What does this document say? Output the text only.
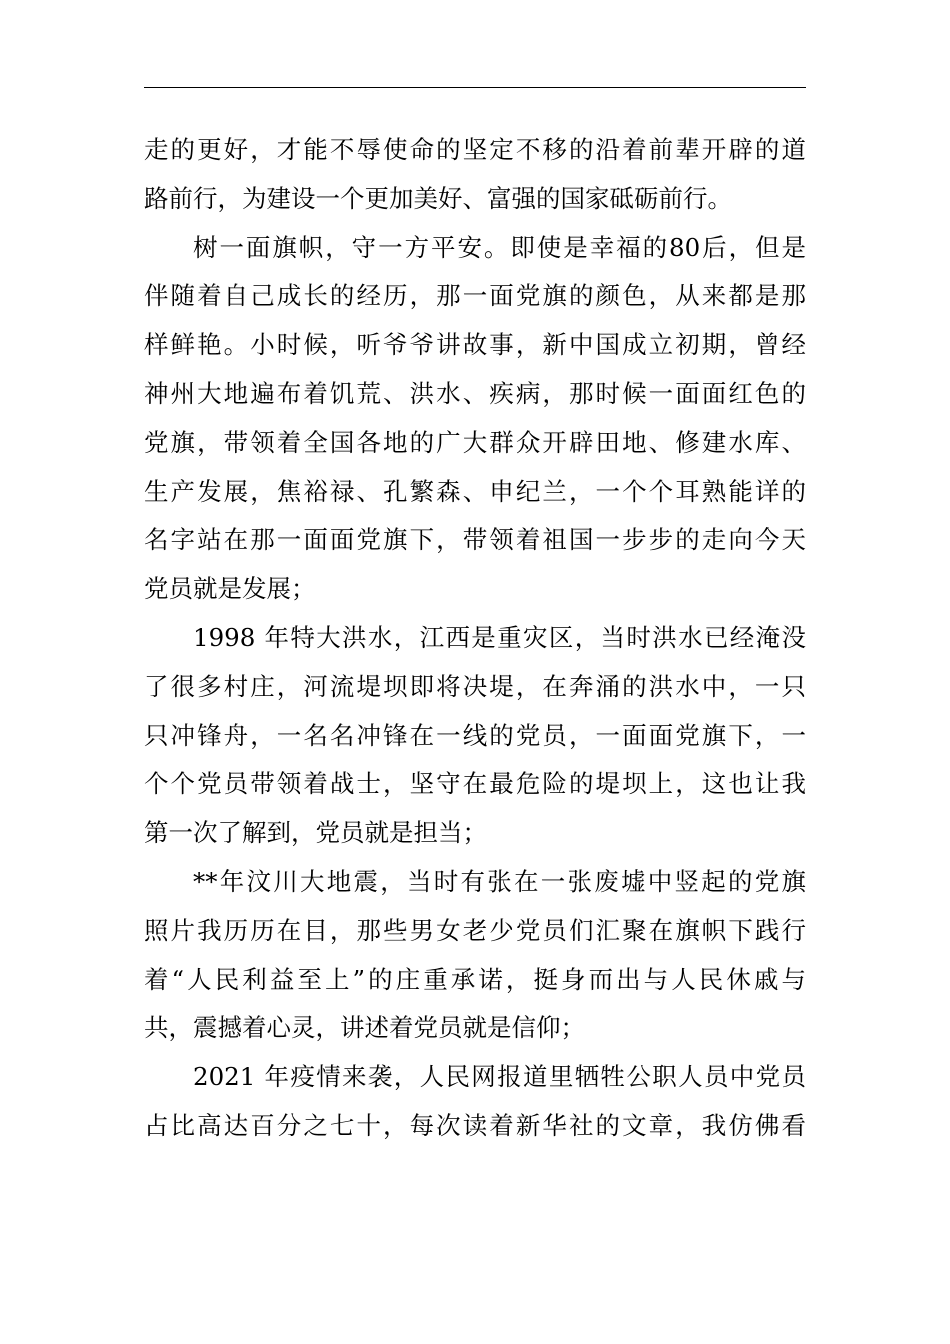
走的更好，才能不辱使命的坚定不移的沿着前辈开辟的道
路前行，为建设一个更加美好、富强的国家砥砺前行。
树一面旗帜，守一方平安。即使是幸福的80后，但是
伴随着自己成长的经历，那一面党旗的颜色，从来都是那
样鲜艳。小时候，听爷爷讲故事，新中国成立初期，曾经
神州大地遍布着饥荒、洪水、疾病，那时候一面面红色的
党旗，带领着全国各地的广大群众开辟田地、修建水库、
生产发展，焦裕禄、孔繁森、申纪兰，一个个耳熟能详的
名字站在那一面面党旗下，带领着祖国一步步的走向今天
党员就是发展；
1998 年特大洪水，江西是重灾区，当时洪水已经淹没
了很多村庄，河流堤坝即将决堤，在奔涌的洪水中，一只
只冲锋舟，一名名冲锋在一线的党员，一面面党旗下，一
个个党员带领着战士，坚守在最危险的堤坝上，这也让我
第一次了解到，党员就是担当；
**年汶川大地震，当时有张在一张废墟中竖起的党旗
照片我历历在目，那些男女老少党员们汇聚在旗帜下践行
着“人民利益至上”的庄重承诺，挺身而出与人民休戚与
共，震撼着心灵，讲述着党员就是信仰；
2021 年疫情来袭，人民网报道里牺牲公职人员中党员
占比高达百分之七十，每次读着新华社的文章，我仿佛看
